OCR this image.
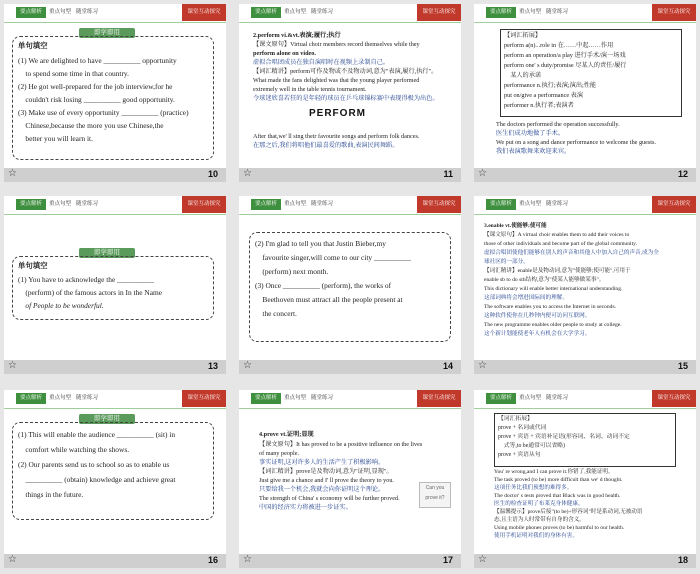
要点解析	重点句型 随堂练习	课堂互动探究
即学即用
单句填空
(1) We are delighted to have __________ opportunity
to spend some time in that country.
(2) He got well-prepared for the job interview,for he
couldn't risk losing __________ good opportunity.
(3) Make use of every opportunity __________ (practice)
Chinese,because the more you use Chinese,the
better you will learn it.
☆	10
要点解析	重点句型 随堂练习	课堂互动探究
2.perform vi.&vt.表演;履行;执行
【课文原句】Virtual choir members record themselves while they
perform alone on video.
虚拟合唱团成员在独自演唱时在视频上录制自己。
【词汇精讲】perform可作及物或不及物动词,意为"表演,履行,执行"。
What made the fans delighted was that the young player performed
extremely well in the table tennis tournament.
令球迷欣喜若狂的是年轻的球员在乒乓球锦标赛中表现得极为出色。
PERFORM
After that,we' ll sing their favourite songs and perform folk dances.
在那之后,我们将唱他们最喜爱的歌曲,表演民间舞蹈。
☆	11
要点解析	重点句型 随堂练习	课堂互动探究
【词汇拓展】
perform a(n)...role in 在……中起……作用
perform an operation/a play 进行手术/演一场戏
perform one' s duty/promise 尽某人的责任/履行
某人的承诺
performance n.执行;表演;演出;性能
put on/give a performance 表演
performer n.执行者;表演者
The doctors performed the operation successfully.
医生们成功地做了手术。
We put on a song and dance performance to welcome the guests.
我们表演歌舞来欢迎来宾。
☆	12
要点解析	重点句型 随堂练习	课堂互动探究
即学即用
单句填空
(1) You have to acknowledge the __________
(perform) of the famous actors in In the Name
of People to be wonderful.
☆	13
要点解析	重点句型 随堂练习	课堂互动探究
(2) I'm glad to tell you that Justin Bieber,my
favourite singer,will come to our city __________
(perform) next month.
(3) Once __________ (perform), the works of
Beethoven must attract all the people present at
the concert.
☆	14
要点解析	重点句型 随堂练习	课堂互动探究
3.enable vt.使能够;使可能
【课文原句】A virtual choir enables them to add their voices to
those of other individuals and become part of the global community.
虚拟合唱团使他们能够在别人的声音和其他人中加入自己的声音,成为全
球社区的一部分。
【词汇精讲】enable是及物动词,意为"使能够;使可能",可用于
enable sb to do sth结构,意为"使某人能够做某事"。
This dictionary will enable better international understanding.
这部词典将会增进国际间的理解。
The software enables you to access the Internet in seconds.
这种软件使你在几秒钟内便可访问互联网。
The new programme enables older people to study at college.
这个新计划能使老年人有机会在大学学习。
☆	15
要点解析	重点句型 随堂练习	课堂互动探究
即学即用
(1) This will enable the audience __________ (sit) in
comfort while watching the shows.
(2) Our parents send us to school so as to enable us
__________ (obtain) knowledge and achieve great
things in the future.
☆	16
要点解析	重点句型 随堂练习	课堂互动探究
4.prove vt.证明;显现
【课文原句】It has proved to be a positive influence on the lives
of many people.
事实证明,这对许多人的生活产生了积极影响。
【词汇精讲】prove是及物动词,意为"证明,显现"。
Just give me a chance and I' ll prove the theory to you.
只要给我一个机会,我就会向你证明这个理论。
The strength of China' s economy will be further proved.
中国的经济实力将被进一步证实。
Can you prove it?
☆	17
要点解析	重点句型 随堂练习	课堂互动探究
【词汇拓展】
prove + 名词或代词
prove + 宾语 + 宾语补足语(形容词、名词、动词不定
式等,to be通常可以省略)
prove + 宾语从句
You' re wrong,and I can prove it.你错了,我能证明。
The task proved (to be) more difficult than we' d thought.
这项任务比我们预想的难得多。
The doctor' s tests proved that Black was in good health.
医生的检查证明了布莱克身体健康。
【温馨提示】prove后接"(to be)+形容词"时是系动词,无被动语
态,且主语为人时常带有自身的含义。
Using mobile phones proves (to be) harmful to our health.
使用手机证明对我们的身体有害。
☆	18
